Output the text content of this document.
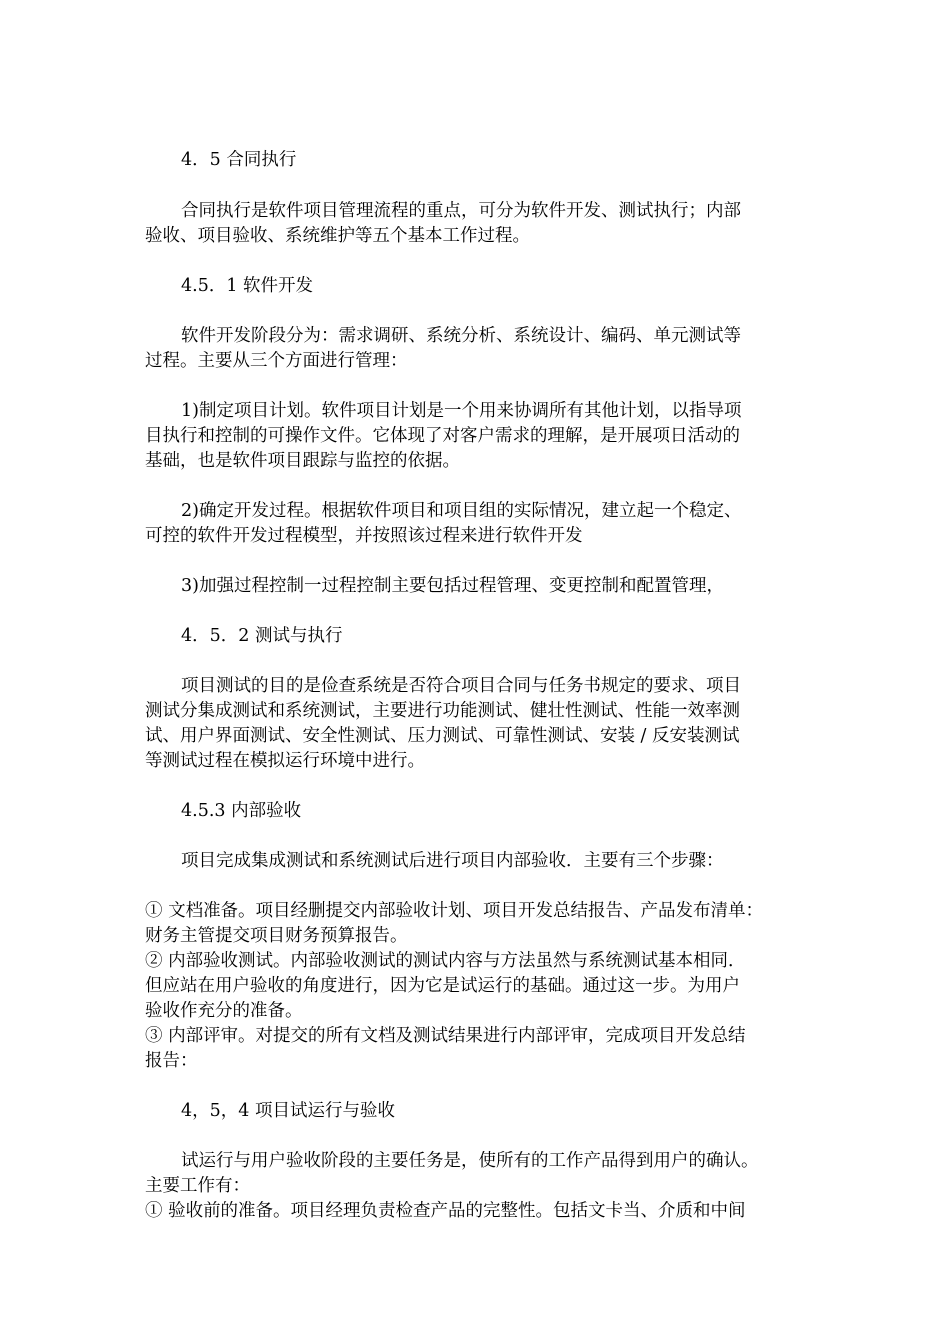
4．5 合同执行
合同执行是软件项目管理流程的重点，可分为软件开发、测试执行；内部
验收、项目验收、系统维护等五个基本工作过程。
4.5．1 软件开发
软件开发阶段分为：需求调研、系统分析、系统设计、编码、单元测试等
过程。主要从三个方面进行管理：
1)制定项目计划。软件项目计划是一个用来协调所有其他计划，以指导项
目执行和控制的可操作文件。它体现了对客户需求的理解，是开展项日活动的
基础，也是软件项目跟踪与监控的依据。
2)确定开发过程。根据软件项目和项目组的实际情况，建立起一个稳定、
可控的软件开发过程模型，并按照该过程来进行软件开发
3)加强过程控制一过程控制主要包括过程管理、变更控制和配置管理，
4．5．2 测试与执行
项目测试的目的是俭查系统是否符合项目合同与任务书规定的要求、项目
测试分集成测试和系统测试，主要进行功能测试、健壮性测试、性能一效率测
试、用户界面测试、安全性测试、压力测试、可靠性测试、安装 / 反安装测试
等测试过程在模拟运行环境中进行。
4.5.3 内部验收
项目完成集成测试和系统测试后进行项目内部验收．主要有三个步骤：
① 文档准备。项目经删提交内部验收计划、项目开发总结报告、产品发布清单：
财务主管提交项目财务预算报告。
② 内部验收测试。内部验收测试的测试内容与方法虽然与系统测试基本相同．
但应站在用户验收的角度进行，因为它是试运行的基础。通过这一步。为用户
验收作充分的准备。
③ 内部评审。对提交的所有文档及测试结果进行内部评审，完成项目开发总结
报告：
4，5，4 项目试运行与验收
试运行与用户验收阶段的主要任务是，使所有的工作产品得到用户的确认。
主要工作有：
① 验收前的准备。项目经理负责检查产品的完整性。包括文卡当、介质和中间
